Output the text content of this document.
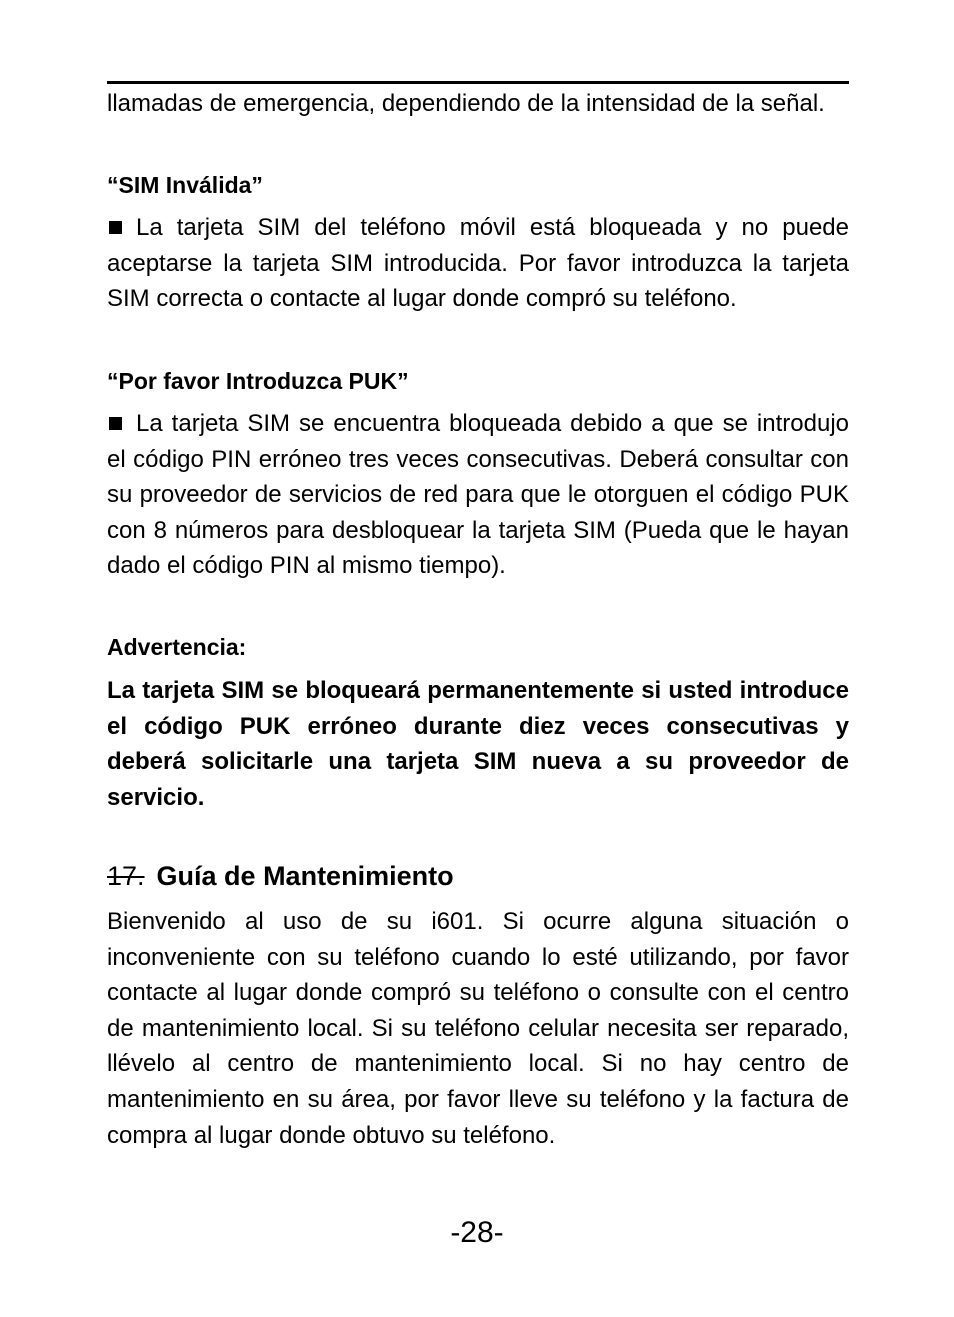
llamadas de emergencia, dependiendo de la intensidad de la señal.

“SIM Inválida”

La tarjeta SIM del teléfono móvil está bloqueada y no puede aceptarse la tarjeta SIM introducida. Por favor introduzca la tarjeta SIM correcta o contacte al lugar donde compró su teléfono.

“Por favor Introduzca PUK”

La tarjeta SIM se encuentra bloqueada debido a que se introdujo el código PIN erróneo tres veces consecutivas. Deberá consultar con su proveedor de servicios de red para que le otorguen el código PUK con 8 números para desbloquear la tarjeta SIM (Pueda que le hayan dado el código PIN al mismo tiempo).

Advertencia:

La tarjeta SIM se bloqueará permanentemente si usted introduce el código PUK erróneo durante diez veces consecutivas y deberá solicitarle una tarjeta SIM nueva a su proveedor de servicio.

17. Guía de Mantenimiento

Bienvenido al uso de su i601. Si ocurre alguna situación o inconveniente con su teléfono cuando lo esté utilizando, por favor contacte al lugar donde compró su teléfono o consulte con el centro de mantenimiento local. Si su teléfono celular necesita ser reparado, llévelo al centro de mantenimiento local. Si no hay centro de mantenimiento en su área, por favor lleve su teléfono y la factura de compra al lugar donde obtuvo su teléfono.

-28-
